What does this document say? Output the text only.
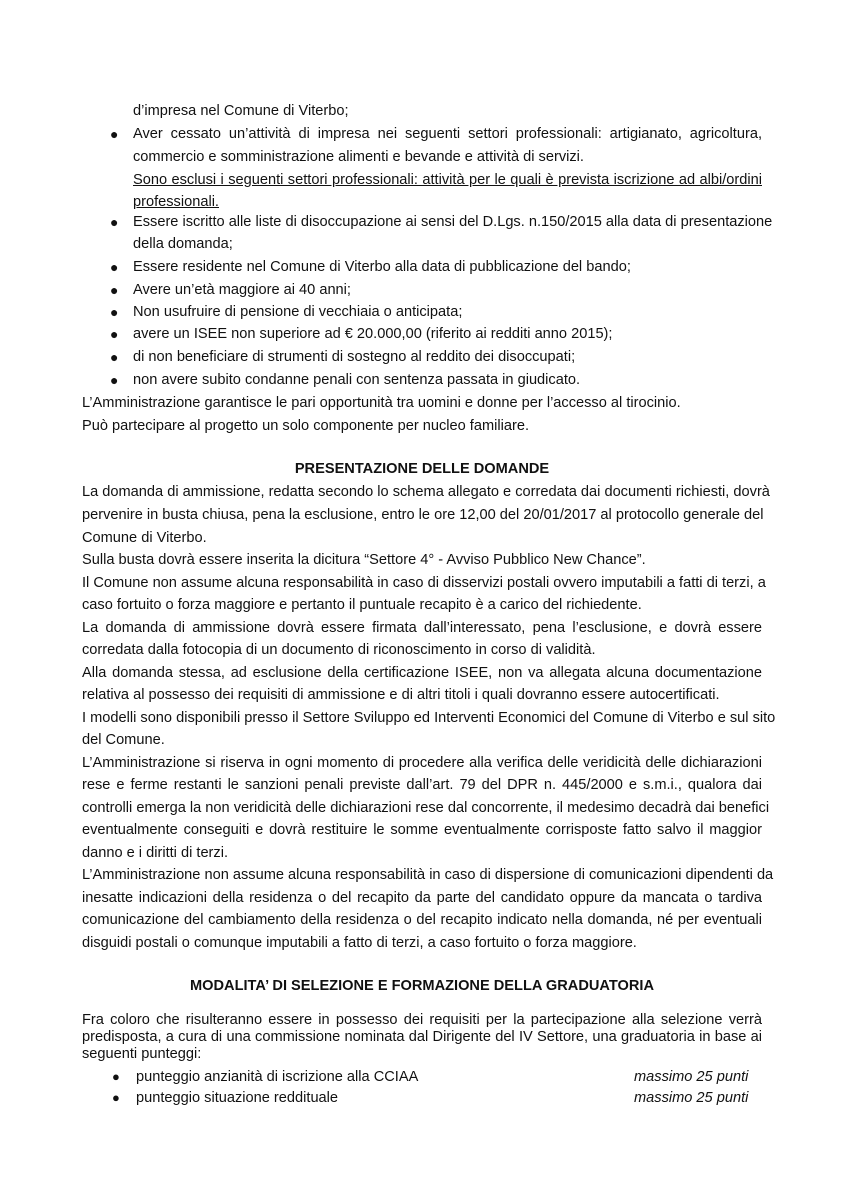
d’impresa nel Comune di Viterbo;
● Aver cessato un’attività di impresa nei seguenti settori professionali: artigianato, agricoltura,
commercio e somministrazione alimenti e bevande e attività di servizi.
Sono esclusi i seguenti settori professionali: attività per le quali è prevista iscrizione ad albi/ordini
professionali.
● Essere iscritto alle liste di disoccupazione ai sensi del D.Lgs. n.150/2015 alla data di presentazione
della domanda;
● Essere residente nel Comune di Viterbo alla data di pubblicazione del bando;
● Avere un’età maggiore ai 40 anni;
● Non usufruire di pensione di vecchiaia o anticipata;
● avere un ISEE non superiore ad € 20.000,00 (riferito ai redditi anno 2015);
● di non beneficiare di strumenti di sostegno al reddito dei disoccupati;
● non avere subito condanne penali con sentenza passata in giudicato.
L’Amministrazione garantisce le pari opportunità tra uomini e donne per l’accesso al tirocinio.
Può partecipare al progetto un solo componente per nucleo familiare.
PRESENTAZIONE DELLE DOMANDE
La domanda di ammissione, redatta secondo lo schema allegato e corredata dai documenti richiesti, dovrà
pervenire in busta chiusa, pena la esclusione, entro le ore 12,00 del 20/01/2017 al protocollo generale del
Comune di Viterbo.
Sulla busta dovrà essere inserita la dicitura “Settore 4° - Avviso Pubblico New Chance”.
Il Comune non assume alcuna responsabilità in caso di disservizi postali ovvero imputabili a fatti di terzi, a
caso fortuito o forza maggiore e pertanto il puntuale recapito è a carico del richiedente.
La domanda di ammissione dovrà essere firmata dall’interessato, pena l’esclusione, e dovrà essere
corredata dalla fotocopia di un documento di riconoscimento in corso di validità.
Alla domanda stessa, ad esclusione della certificazione ISEE, non va allegata alcuna documentazione
relativa al possesso dei requisiti di ammissione e di altri titoli i quali dovranno essere autocertificati.
I modelli sono disponibili presso il Settore Sviluppo ed Interventi Economici del Comune di Viterbo e sul sito
del Comune.
L’Amministrazione si riserva in ogni momento di procedere alla verifica delle veridicità delle dichiarazioni
rese e ferme restanti le sanzioni penali previste dall’art. 79 del DPR n. 445/2000 e s.m.i., qualora dai
controlli emerga la non veridicità delle dichiarazioni rese dal concorrente, il medesimo decadrà dai benefici
eventualmente conseguiti e dovrà restituire le somme eventualmente corrisposte fatto salvo il maggior
danno e i diritti di terzi.
L’Amministrazione non assume alcuna responsabilità in caso di dispersione di comunicazioni dipendenti da
inesatte indicazioni della residenza o del recapito da parte del candidato oppure da mancata o tardiva
comunicazione del cambiamento della residenza o del recapito indicato nella domanda, né per eventuali
disguidi postali o comunque imputabili a fatto di terzi, a caso fortuito o forza maggiore.
MODALITA’ DI SELEZIONE E FORMAZIONE DELLA GRADUATORIA
Fra coloro che risulteranno essere in possesso dei requisiti per la partecipazione alla selezione verrà
predisposta, a cura di una commissione nominata dal Dirigente del IV Settore, una graduatoria in base ai
seguenti punteggi:
● punteggio anzianità di iscrizione alla CCIAA	massimo 25 punti
● punteggio situazione reddituale	massimo 25 punti
